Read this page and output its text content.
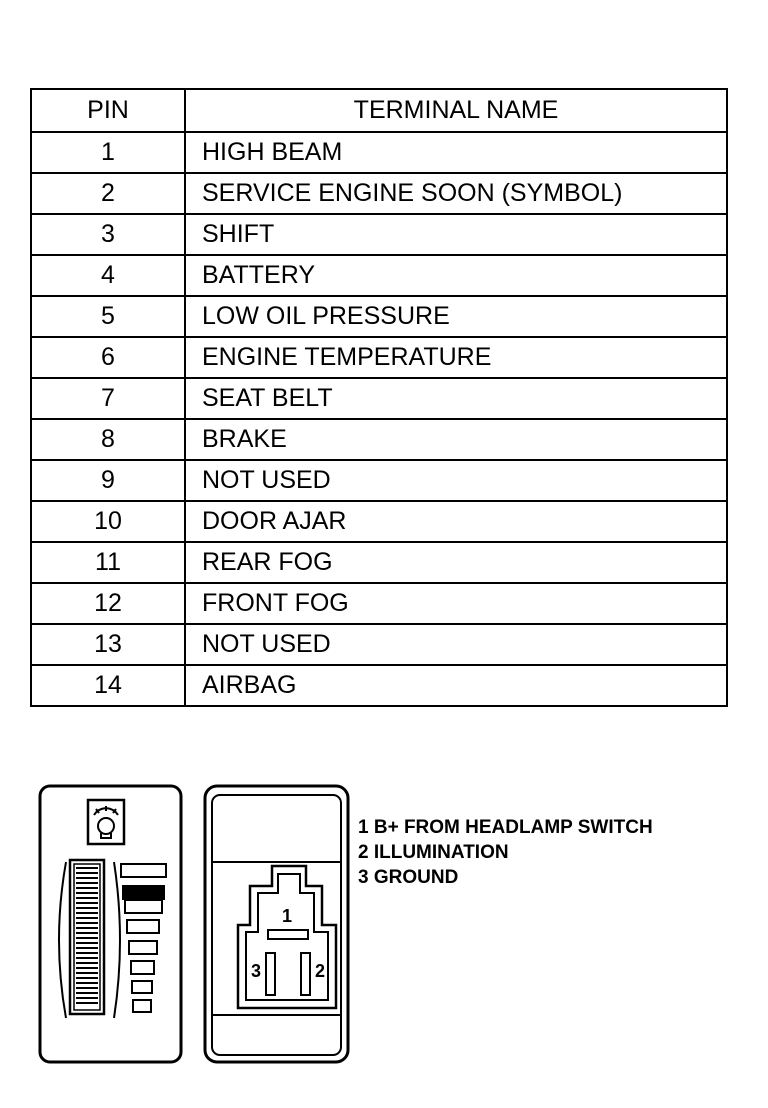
PIN	TERMINAL NAME
1	HIGH BEAM
2	SERVICE ENGINE SOON (SYMBOL)
3	SHIFT
4	BATTERY
5	LOW OIL PRESSURE
6	ENGINE TEMPERATURE
7	SEAT BELT
8	BRAKE
9	NOT USED
10	DOOR AJAR
11	REAR FOG
12	FRONT FOG
13	NOT USED
14	AIRBAG
1
3	2
1 B+ FROM HEADLAMP SWITCH
2 ILLUMINATION
3 GROUND
